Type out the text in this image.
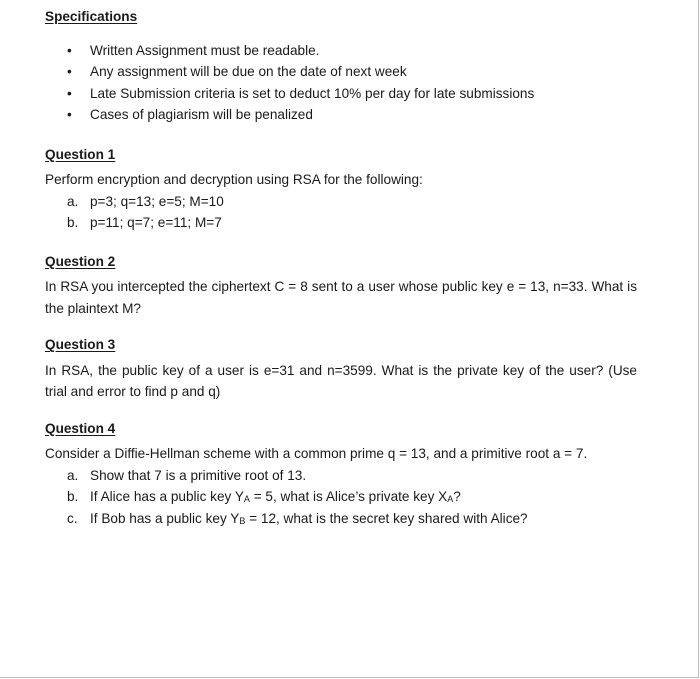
Specifications

• Written Assignment must be readable.
• Any assignment will be due on the date of next week
• Late Submission criteria is set to deduct 10% per day for late submissions
• Cases of plagiarism will be penalized

Question 1

Perform encryption and decryption using RSA for the following:

a. p=3; q=13; e=5; M=10
b. p=11; q=7; e=11; M=7

Question 2

In RSA you intercepted the ciphertext C = 8 sent to a user whose public key e = 13, n=33. What is the plaintext M?

Question 3

In RSA, the public key of a user is e=31 and n=3599. What is the private key of the user? (Use trial and error to find p and q)

Question 4

Consider a Diffie-Hellman scheme with a common prime q = 13, and a primitive root a = 7.

a. Show that 7 is a primitive root of 13.
b. If Alice has a public key $Y_A = 5$, what is Alice’s private key $X_A$?
c. If Bob has a public key $Y_B = 12$, what is the secret key shared with Alice?
